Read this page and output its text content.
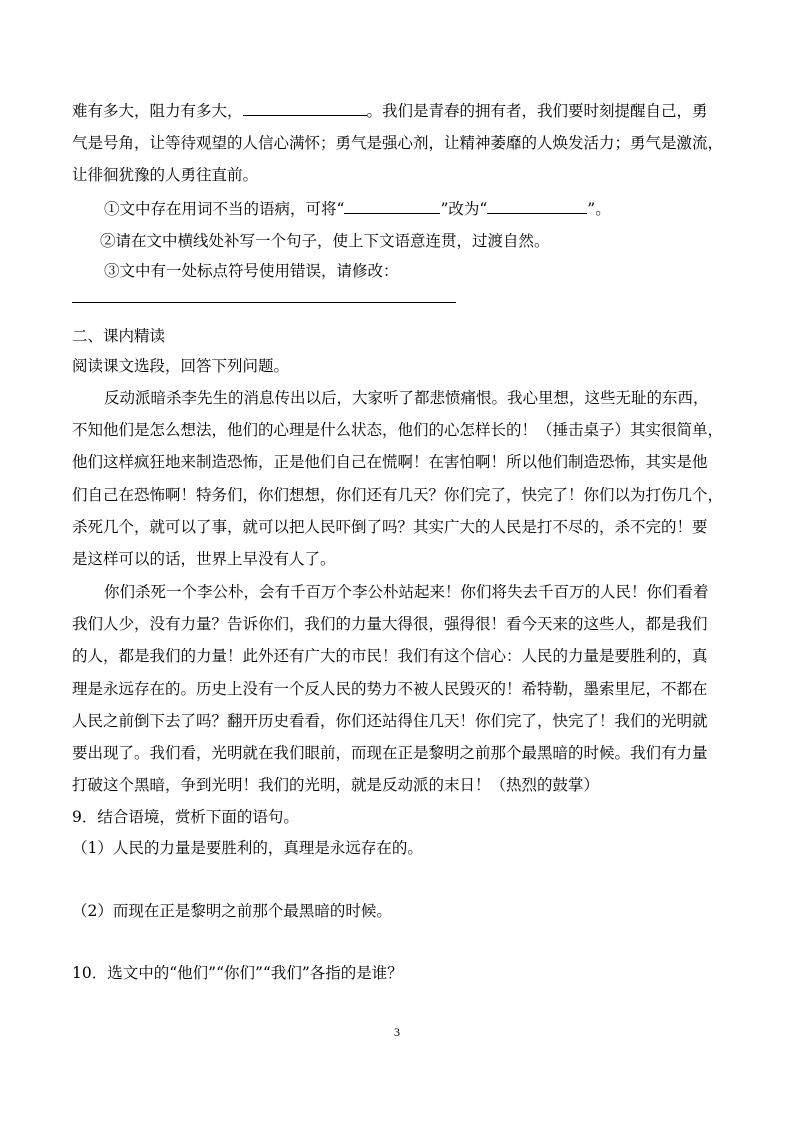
难有多大，阻力有多大，	。我们是青春的拥有者，我们要时刻提醒自己，勇
气是号角，让等待观望的人信心满怀；勇气是强心剂，让精神萎靡的人焕发活力；勇气是激流，
让徘徊犹豫的人勇往直前。
①文中存在用词不当的语病，可将“	”改为“	”。
②请在文中横线处补写一个句子，使上下文语意连贯，过渡自然。
③文中有一处标点符号使用错误，请修改：
二、课内精读
阅读课文选段，回答下列问题。
反动派暗杀李先生的消息传出以后，大家听了都悲愤痛恨。我心里想，这些无耻的东西，
不知他们是怎么想法，他们的心理是什么状态，他们的心怎样长的！（捶击桌子）其实很简单，
他们这样疯狂地来制造恐怖，正是他们自己在慌啊！在害怕啊！所以他们制造恐怖，其实是他
们自己在恐怖啊！特务们，你们想想，你们还有几天？你们完了，快完了！你们以为打伤几个，
杀死几个，就可以了事，就可以把人民吓倒了吗？其实广大的人民是打不尽的，杀不完的！要
是这样可以的话，世界上早没有人了。
你们杀死一个李公朴，会有千百万个李公朴站起来！你们将失去千百万的人民！你们看着
我们人少，没有力量？告诉你们，我们的力量大得很，强得很！看今天来的这些人，都是我们
的人，都是我们的力量！此外还有广大的市民！我们有这个信心：人民的力量是要胜利的，真
理是永远存在的。历史上没有一个反人民的势力不被人民毁灭的！希特勒，墨索里尼，不都在
人民之前倒下去了吗？翻开历史看看，你们还站得住几天！你们完了，快完了！我们的光明就
要出现了。我们看，光明就在我们眼前，而现在正是黎明之前那个最黑暗的时候。我们有力量
打破这个黑暗，争到光明！我们的光明，就是反动派的末日！（热烈的鼓掌）
9．结合语境，赏析下面的语句。
（1）人民的力量是要胜利的，真理是永远存在的。
（2）而现在正是黎明之前那个最黑暗的时候。
10．选文中的“他们”“你们”“我们”各指的是谁？
3
